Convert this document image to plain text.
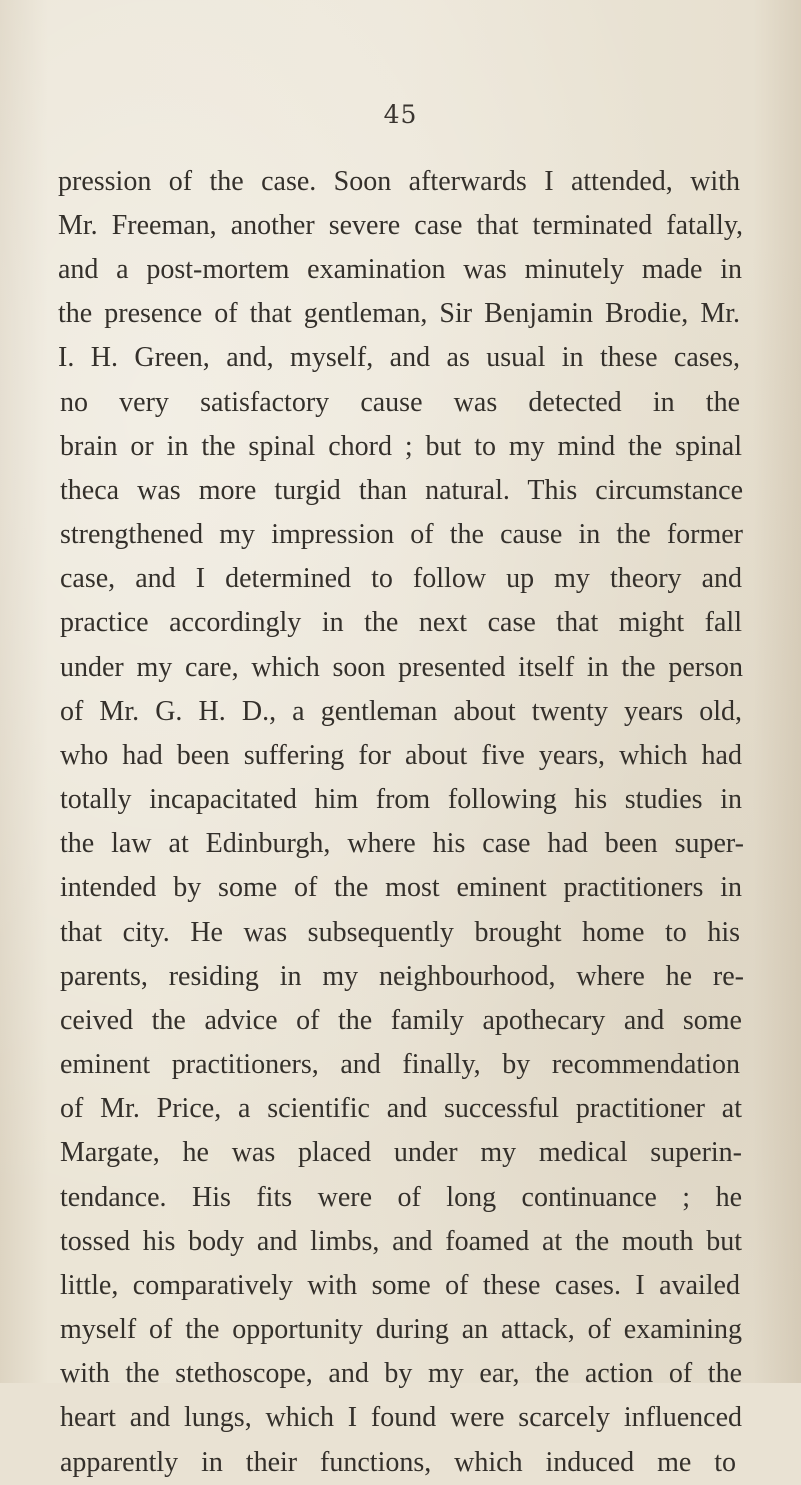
45
pression of the case. Soon afterwards I attended, with
Mr. Freeman, another severe case that terminated fatally,
and a post-mortem examination was minutely made in
the presence of that gentleman, Sir Benjamin Brodie, Mr.
I. H. Green, and, myself, and as usual in these cases,
no very satisfactory cause was detected in the
brain or in the spinal chord ; but to my mind the spinal
theca was more turgid than natural. This circumstance
strengthened my impression of the cause in the former
case, and I determined to follow up my theory and
practice accordingly in the next case that might fall
under my care, which soon presented itself in the person
of Mr. G. H. D., a gentleman about twenty years old,
who had been suffering for about five years, which had
totally incapacitated him from following his studies in
the law at Edinburgh, where his case had been super-
intended by some of the most eminent practitioners in
that city. He was subsequently brought home to his
parents, residing in my neighbourhood, where he re-
ceived the advice of the family apothecary and some
eminent practitioners, and finally, by recommendation
of Mr. Price, a scientific and successful practitioner at
Margate, he was placed under my medical superin-
tendance. His fits were of long continuance ; he
tossed his body and limbs, and foamed at the mouth but
little, comparatively with some of these cases. I availed
myself of the opportunity during an attack, of examining
with the stethoscope, and by my ear, the action of the
heart and lungs, which I found were scarcely influenced
apparently in their functions, which induced me to
